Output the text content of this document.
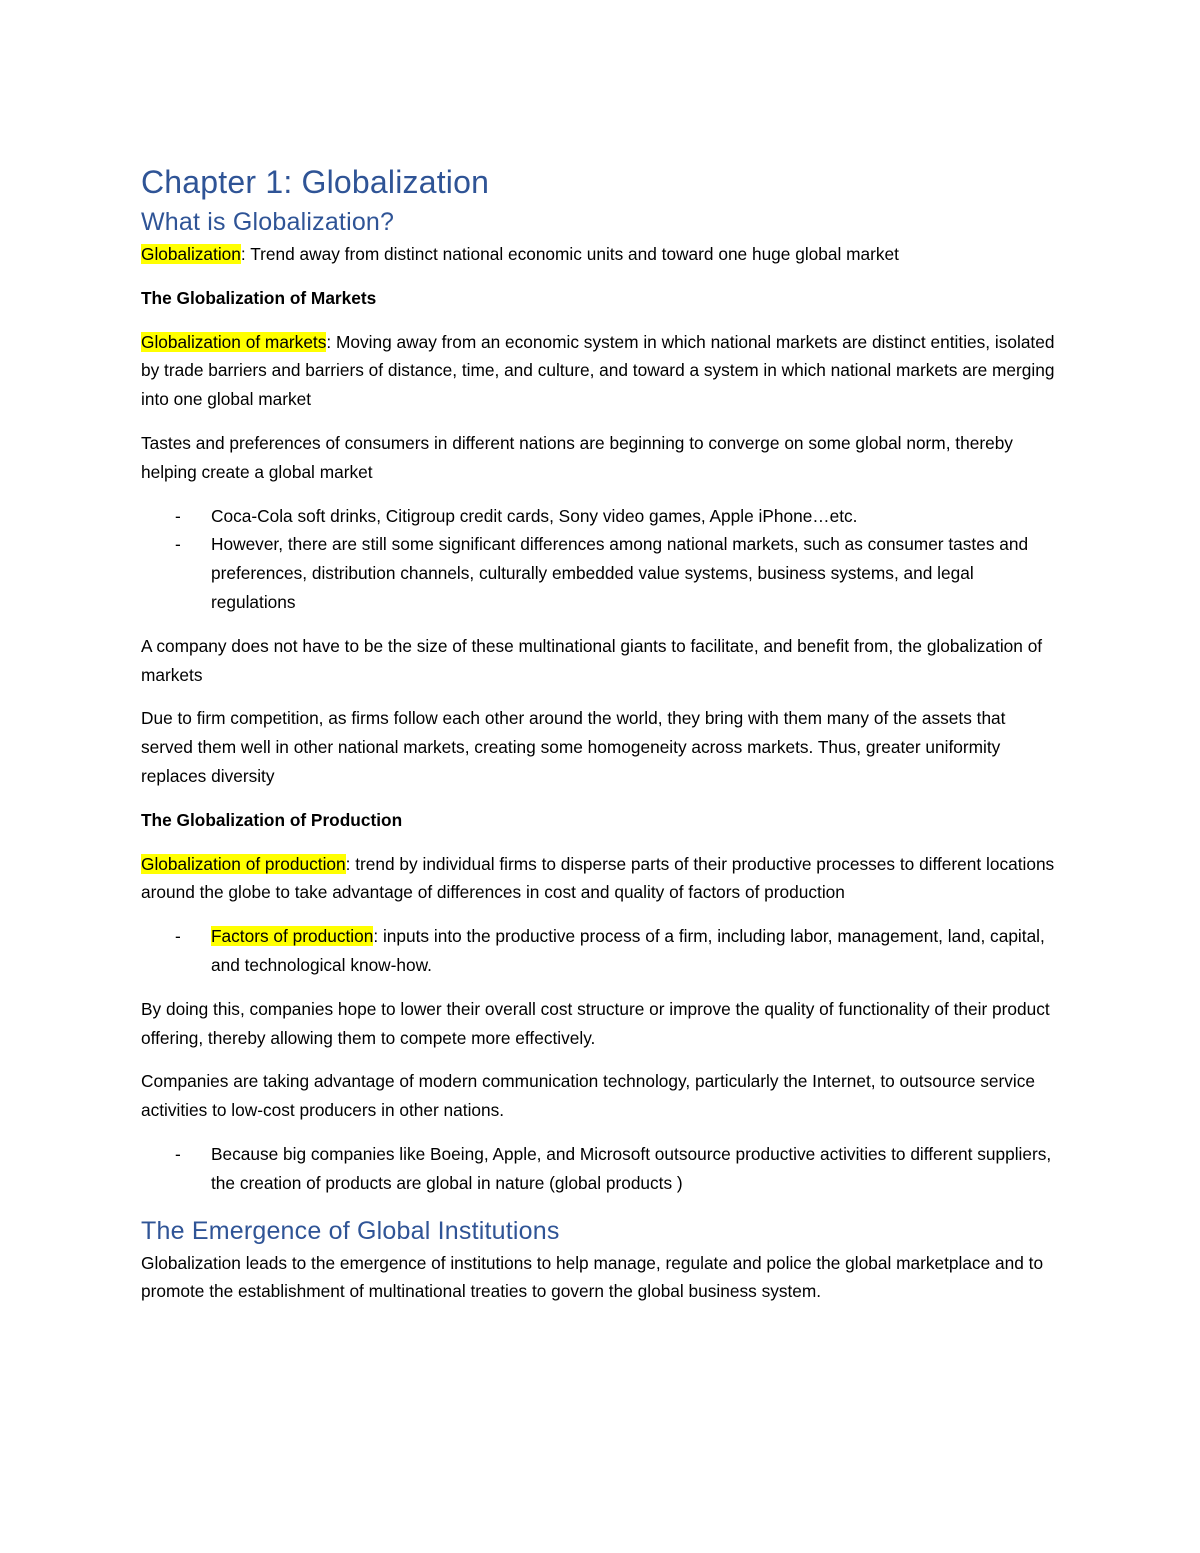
Chapter 1: Globalization
What is Globalization?

Globalization: Trend away from distinct national economic units and toward one huge global market

The Globalization of Markets

Globalization of markets: Moving away from an economic system in which national markets are distinct entities, isolated by trade barriers and barriers of distance, time, and culture, and toward a system in which national markets are merging into one global market

Tastes and preferences of consumers in different nations are beginning to converge on some global norm, thereby helping create a global market

- Coca-Cola soft drinks, Citigroup credit cards, Sony video games, Apple iPhone…etc.
- However, there are still some significant differences among national markets, such as consumer tastes and preferences, distribution channels, culturally embedded value systems, business systems, and legal regulations

A company does not have to be the size of these multinational giants to facilitate, and benefit from, the globalization of markets

Due to firm competition, as firms follow each other around the world, they bring with them many of the assets that served them well in other national markets, creating some homogeneity across markets. Thus, greater uniformity replaces diversity

The Globalization of Production

Globalization of production: trend by individual firms to disperse parts of their productive processes to different locations around the globe to take advantage of differences in cost and quality of factors of production

- Factors of production: inputs into the productive process of a firm, including labor, management, land, capital, and technological know-how.

By doing this, companies hope to lower their overall cost structure or improve the quality of functionality of their product offering, thereby allowing them to compete more effectively.

Companies are taking advantage of modern communication technology, particularly the Internet, to outsource service activities to low-cost producers in other nations.

- Because big companies like Boeing, Apple, and Microsoft outsource productive activities to different suppliers, the creation of products are global in nature (global products )
The Emergence of Global Institutions

Globalization leads to the emergence of institutions to help manage, regulate and police the global marketplace and to promote the establishment of multinational treaties to govern the global business system.
